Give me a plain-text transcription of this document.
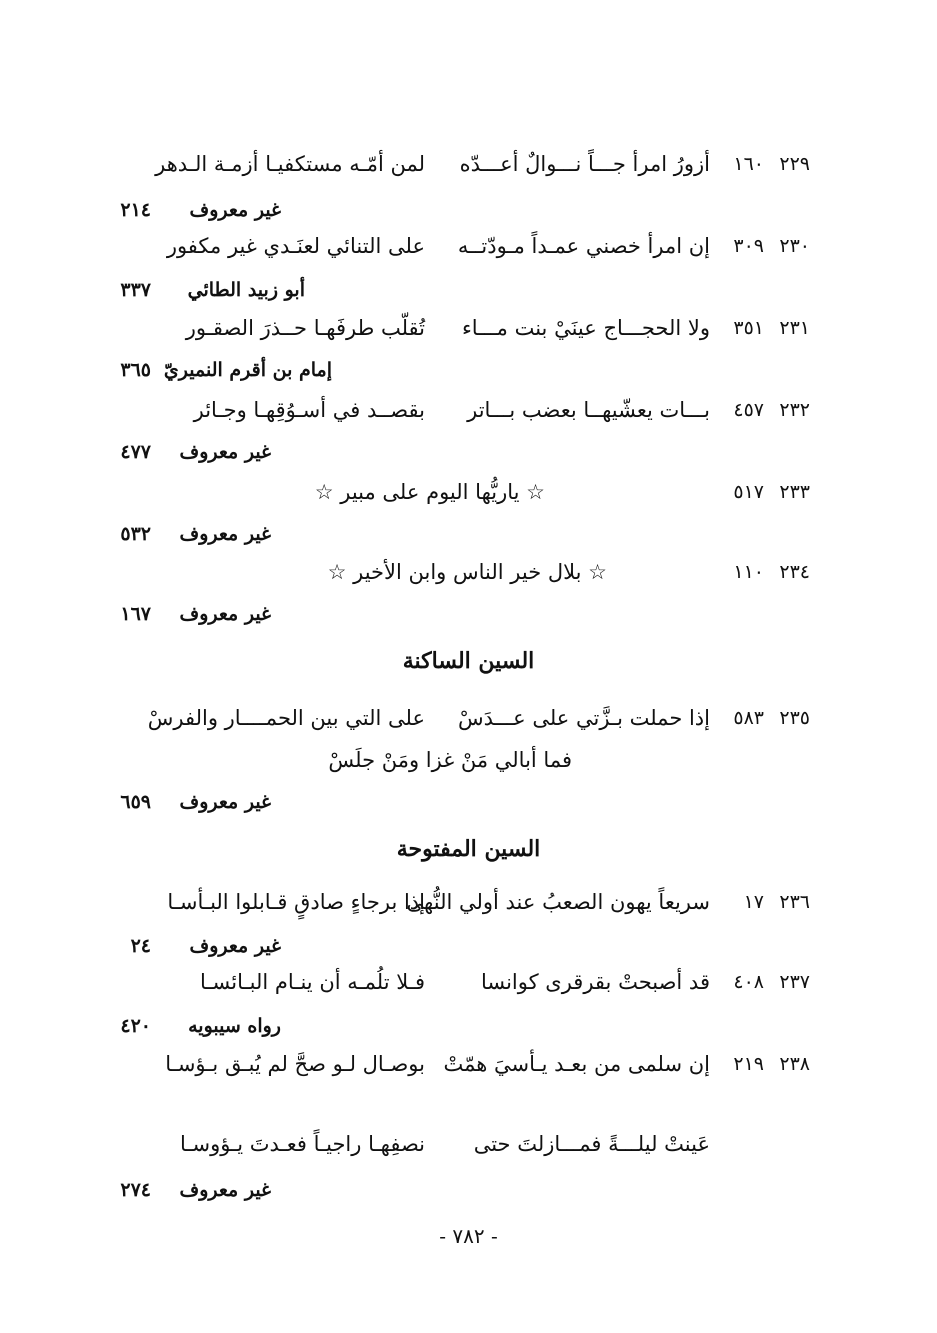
٢٢٩
١٦٠
أزورُ امرأ جـــاً نـــوالٌ أعـــدّه
لمن أمّـه مستكفيـا أزمـة الـدهر
غير معروف
٢١٤
٢٣٠
٣٠٩
إن امرأ خصني عمـداً مـودّتــه
على التنائي لعنَـدي غير مكفور
أبو زبيد الطائي
٣٣٧
٢٣١
٣٥١
ولا الحجـــاج عينَيْ بنت مـــاء
تُقلّب طرفَهـا حــذرَ الصقـور
إمام بن أقرم النميريّ
٣٦٥
٢٣٢
٤٥٧
بـــات يعشّيهــا بعضب بـــاتر
بقصــد في أسـوُقِهـا وجـائر
غير معروف
٤٧٧
٢٣٣
٥١٧
☆ ياريُّها اليوم على مبير ☆
غير معروف
٥٣٢
٢٣٤
١١٠
☆ بلال خير الناس وابن الأخير ☆
غير معروف
١٦٧
السين الساكنة
٢٣٥
٥٨٣
إذا حملت بـزَّتي على عـــدَسْ
على التي بين الحمــــار والفرسْ
فما أبالي مَنْ غزا ومَنْ جلَسْ
غير معروف
٦٥٩
السين المفتوحة
٢٣٦
١٧
سريعاً يهون الصعبُ عند أولي النُّهى
إذا برجاءٍ صادقٍ قـابلوا البـأسـا
غير معروف
٢٤
٢٣٧
٤٠٨
قد أصبحتْ بقرقرى كوانسا
فـلا تلُمـه أن ينـام البـائسـا
رواه سيبويه
٤٢٠
٢٣٨
٢١٩
إن سلمى من بعـد يـأسيَ همّتْ
بوصـال لـو صحَّ لم يُبـق بـؤسـا
عَينتْ ليلـــةً فمـــازلتَ حتى
نصفِهـا راجيـاً فعـدتَ يـؤوسـا
غير معروف
٢٧٤
- ٧٨٢ -
